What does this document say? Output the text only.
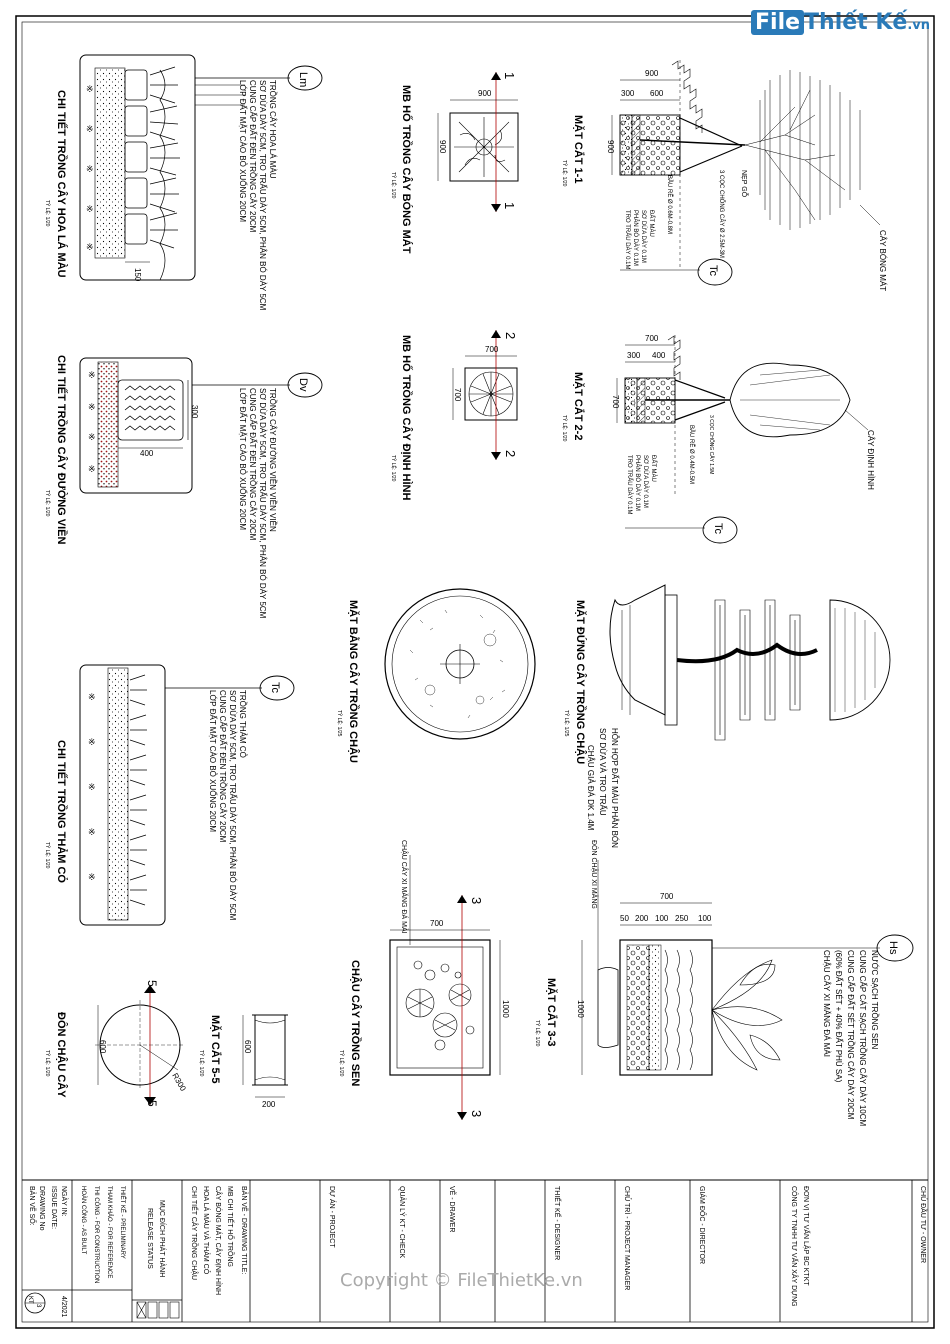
※
※
※
※
※
150
CHI TIẾT TRỒNG CÂY HOA LÁ MÀU
TỶ LỆ: 1/20
Lm
TRỒNG CÂY HOA LÁ MÀU
SƠ DỪA DÀY 5CM, TRO TRẤU DÀY 5CM, PHÂN BÓ DÀY 5CM
CUNG CẤP ĐẤT ĐEN TRỒNG CÂY 20CM
LỚP ĐẤT MẶT CÀO BỎ XUỐNG 20CM
※
※
※
※
400
300
CHI TIẾT TRỒNG CÂY ĐƯỜNG VIỀN
TỶ LỆ: 1/20
Dv
TRỒNG CÂY ĐƯỜNG VIỀN VIỀN VIỀN
SƠ DỪA DÀY 5CM, TRO TRẤU DÀY 5CM, PHÂN BÓ DÀY 5CM
CUNG CẤP ĐẤT ĐEN TRỒNG CÂY 20CM
LỚP ĐẤT MẶT CÀO BỎ XUỐNG 20CM
※
※
※
※
※
CHI TIẾT TRỒNG THẢM CỎ
TỶ LỆ: 1/20
Tc
TRỒNG THẢM CỎ
SƠ DỪA DÀY 5CM, TRO TRẤU DÀY 5CM, PHÂN BÓ DÀY 5CM
CUNG CẤP ĐẤT ĐEN TRỒNG CÂY 20CM
LỚP ĐẤT MẶT CÀO BỎ XUỐNG 20CM
5
5
R300
600
ĐÔN CHẬU CÂY
TỶ LỆ: 1/20
600
200
MẶT CẮT 5-5
TỶ LỆ: 1/20
1
1
900
900
MB HỐ TRỒNG CÂY BÓNG MÁT
TỶ LỆ: 1/20
2
2
700
700
MB HỐ TRỒNG CÂY ĐỊNH HÌNH
TỶ LỆ: 1/20
MẶT BẰNG CÂY TRỒNG CHẬU
TỶ LỆ: 1/25
3
3
700
1000
CHẬU CÂY XI MĂNG ĐÁ MÀI
CHẬU CÂY TRỒNG SEN
TỶ LỆ: 1/20
CÂY BÓNG MÁT
900
300 600
900
NẸP GỖ
3 CỌC CHỐNG CÂY Ø 2.5M-3M
BẦU RỄ Ø 0.6M-0.8M
ĐẤT MÀU
SƠ DỪA DÀY 0.1M
PHÂN BÓ DÀY 0.1M
TRO TRẤU DÀY 0.1M
Tc
MẶT CẮT 1-1
TỶ LỆ: 1/20
CÂY ĐỊNH HÌNH
700
300 400
700
3 CỌC CHỐNG CÂY 1.5M
BẦU RỄ Ø 0.4M-0.5M
ĐẤT MÀU
SƠ DỪA DÀY 0.1M
PHÂN BÓ DÀY 0.1M
TRO TRẤU DÀY 0.1M
Tc
MẶT CẮT 2-2
TỶ LỆ: 1/20
MẶT ĐỨNG CÂY TRỒNG CHẬU
TỶ LỆ: 1/25
HỖN HỢP ĐẤT MÀU PHÂN BÓN
SƠ DỪA VÀ TRO TRẤU
CHẬU GIẢ ĐÁ DK 1.4M
700
50 200 100 250 100
1000
ĐÔN CHẬU XI MĂNG
Hs
NƯỚC SẠCH TRỒNG SEN
CUNG CẤP CÁT SẠCH TRỒNG CÂY DÀY 10CM
CUNG CẤP ĐẤT SÉT TRỒNG CÂY DÀY 20CM
(60% ĐẤT SÉT + 40% ĐẤT PHÙ SA)
CHẬU CÂY XI MĂNG ĐÁ MÀI
MẶT CẮT 3-3
TỶ LỆ: 1/20
BẢN VẼ SỐ: DRAWING No
KT
3
ISSUE DATE: NGÀY IN:
4/2021
HOÀN CÔNG - AS BUILT THI CÔNG - FOR CONSTRUCTION THAM KHẢO - FOR REFERENCE THIẾT KẾ - PRELIMINARY	RELEASE STATUS MỤC ĐÍCH PHÁT HÀNH	CHI TIẾT CÂY TRỒNG CHẬU HOA LÁ MÀU VÀ THẢM CỎ CÂY BÓNG MÁT, CÂY ĐỊNH HÌNH MB CHI TIẾT HỐ TRỒNG	BẢN VẼ - DRAWING TITLE:	DỰ ÁN - PROJECT	QUẢN LÝ KT - CHECK	VẼ - DRAWER	THIẾT KẾ - DESIGNER	CHỦ TRÌ - PROJECT MANAGER	GIÁM ĐỐC - DIRECTOR	CÔNG TY TNHH TƯ VẤN XÂY DỰNG ĐƠN VỊ TƯ VẤN LẬP BC KTKT	CHỦ ĐẦU TƯ - OWNER
File Thiết Kế.vn
Copyright © FileThietKe.vn
